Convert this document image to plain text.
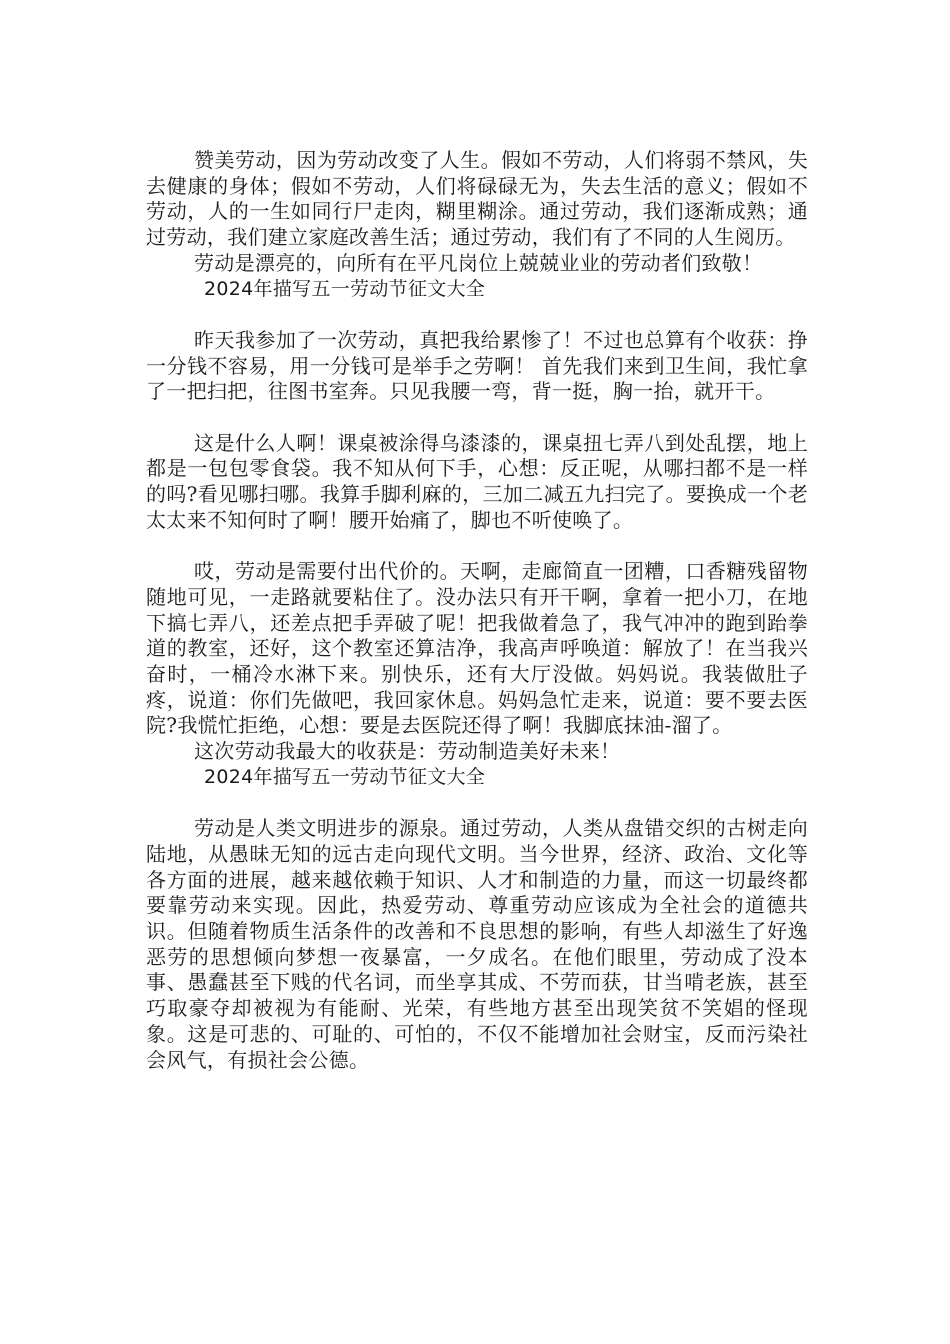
赞美劳动，因为劳动改变了人生。假如不劳动，人们将弱不禁风，失去健康的身体；假如不劳动，人们将碌碌无为，失去生活的意义；假如不劳动，人的一生如同行尸走肉，糊里糊涂。通过劳动，我们逐渐成熟；通过劳动，我们建立家庭改善生活；通过劳动，我们有了不同的人生阅历。

劳动是漂亮的，向所有在平凡岗位上兢兢业业的劳动者们致敬！

2024年描写五一劳动节征文大全

昨天我参加了一次劳动，真把我给累惨了！不过也总算有个收获：挣一分钱不容易，用一分钱可是举手之劳啊！ 首先我们来到卫生间，我忙拿了一把扫把，往图书室奔。只见我腰一弯，背一挺，胸一抬，就开干。

这是什么人啊！课桌被涂得乌漆漆的，课桌扭七弄八到处乱摆，地上都是一包包零食袋。我不知从何下手，心想：反正呢，从哪扫都不是一样的吗?看见哪扫哪。我算手脚利麻的，三加二减五九扫完了。要换成一个老太太来不知何时了啊！腰开始痛了，脚也不听使唤了。

哎，劳动是需要付出代价的。天啊，走廊简直一团糟，口香糖残留物随地可见，一走路就要粘住了。没办法只有开干啊，拿着一把小刀，在地下搞七弄八，还差点把手弄破了呢！把我做着急了，我气冲冲的跑到跆拳道的教室，还好，这个教室还算洁净，我高声呼唤道：解放了！在当我兴奋时，一桶冷水淋下来。别快乐，还有大厅没做。妈妈说。我装做肚子疼，说道：你们先做吧，我回家休息。妈妈急忙走来，说道：要不要去医院?我慌忙拒绝，心想：要是去医院还得了啊！我脚底抹油-溜了。

这次劳动我最大的收获是：劳动制造美好未来！

2024年描写五一劳动节征文大全

劳动是人类文明进步的源泉。通过劳动，人类从盘错交织的古树走向陆地，从愚昧无知的远古走向现代文明。当今世界，经济、政治、文化等各方面的进展，越来越依赖于知识、人才和制造的力量，而这一切最终都要靠劳动来实现。因此，热爱劳动、尊重劳动应该成为全社会的道德共识。但随着物质生活条件的改善和不良思想的影响，有些人却滋生了好逸恶劳的思想倾向梦想一夜暴富，一夕成名。在他们眼里，劳动成了没本事、愚蠢甚至下贱的代名词，而坐享其成、不劳而获，甘当啃老族，甚至巧取豪夺却被视为有能耐、光荣，有些地方甚至出现笑贫不笑娼的怪现象。这是可悲的、可耻的、可怕的，不仅不能增加社会财宝，反而污染社会风气，有损社会公德。
